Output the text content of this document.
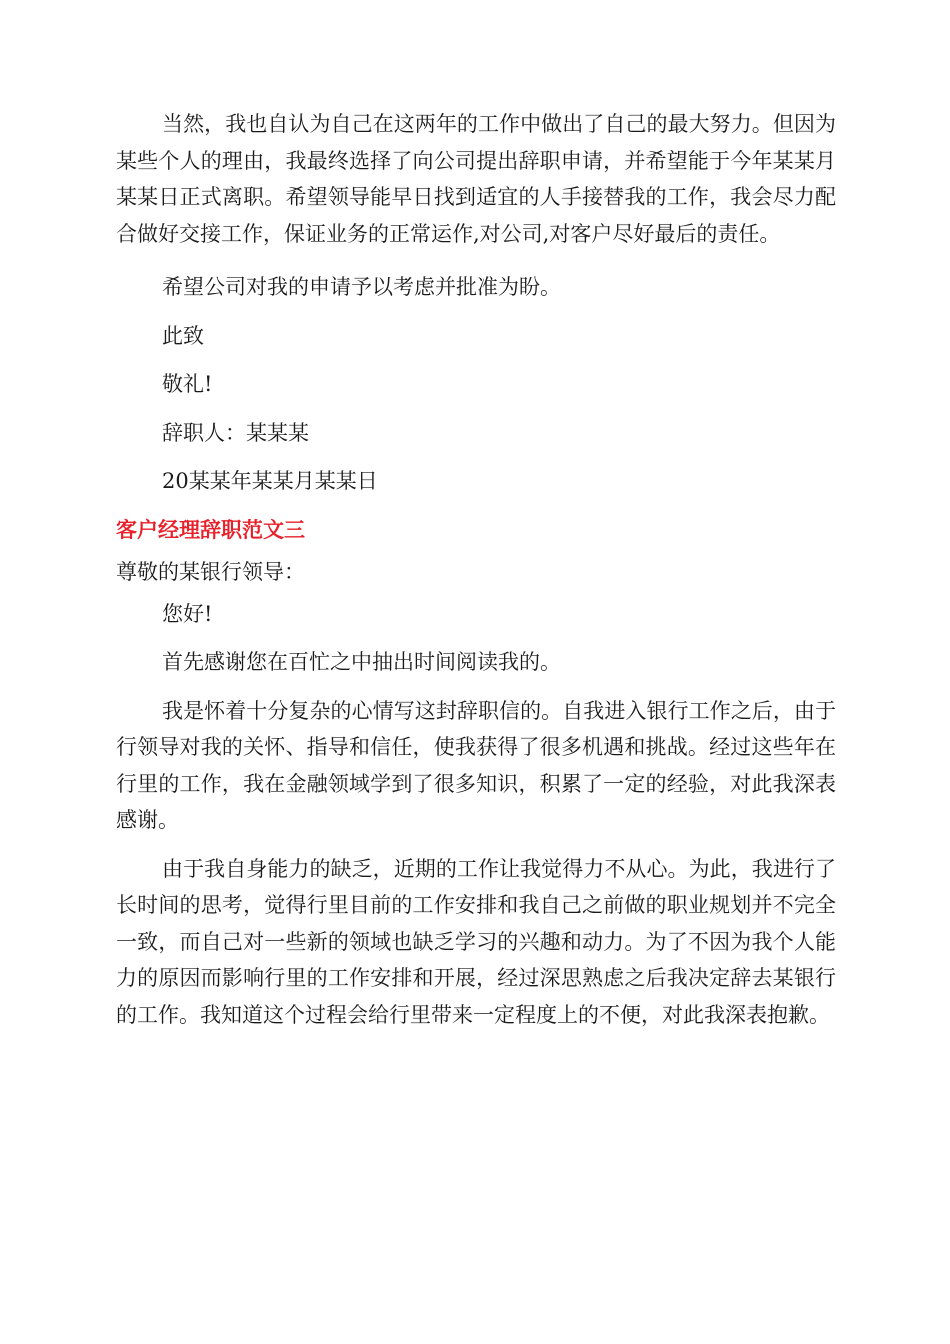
当然，我也自认为自己在这两年的工作中做出了自己的最大努力。但因为某些个人的理由，我最终选择了向公司提出辞职申请，并希望能于今年某某月某某日正式离职。希望领导能早日找到适宜的人手接替我的工作，我会尽力配合做好交接工作，保证业务的正常运作,对公司,对客户尽好最后的责任。

希望公司对我的申请予以考虑并批准为盼。

此致

敬礼!

辞职人：某某某

20某某年某某月某某日

客户经理辞职范文三

尊敬的某银行领导：

您好!

首先感谢您在百忙之中抽出时间阅读我的。

我是怀着十分复杂的心情写这封辞职信的。自我进入银行工作之后，由于行领导对我的关怀、指导和信任，使我获得了很多机遇和挑战。经过这些年在行里的工作，我在金融领域学到了很多知识，积累了一定的经验，对此我深表感谢。

由于我自身能力的缺乏，近期的工作让我觉得力不从心。为此，我进行了长时间的思考，觉得行里目前的工作安排和我自己之前做的职业规划并不完全一致，而自己对一些新的领域也缺乏学习的兴趣和动力。为了不因为我个人能力的原因而影响行里的工作安排和开展，经过深思熟虑之后我决定辞去某银行的工作。我知道这个过程会给行里带来一定程度上的不便，对此我深表抱歉。
